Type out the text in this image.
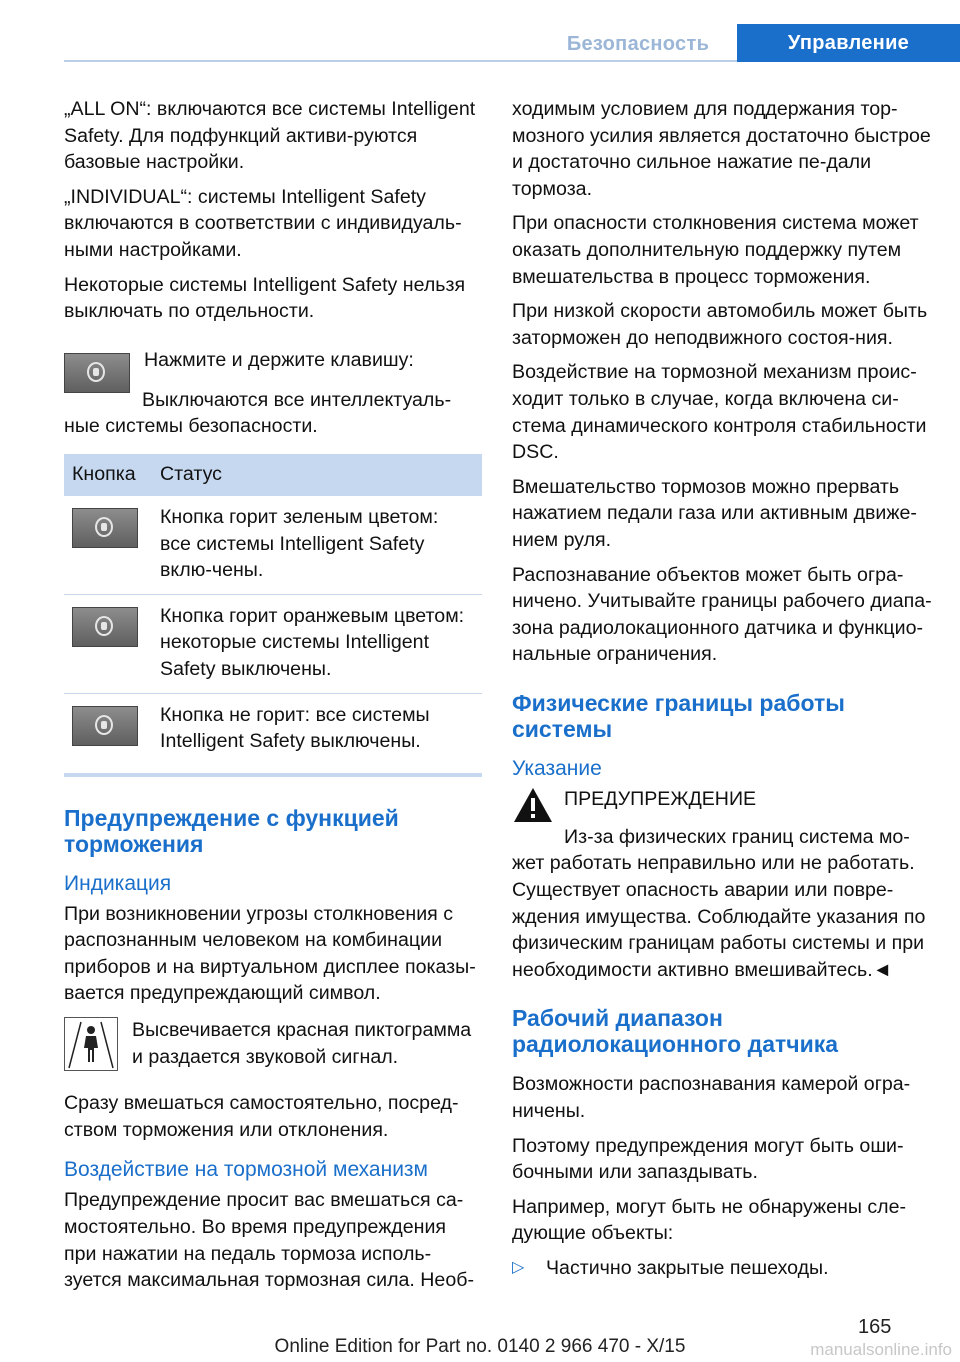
Безопасность	Управление

„ALL ON“: включаются все системы Intelligent Safety. Для подфункций активи-руются базовые настройки.

„INDIVIDUAL“: системы Intelligent Safety включаются в соответствии с индивидуаль-ными настройками.

Некоторые системы Intelligent Safety нельзя выключать по отдельности.

Нажмите и держите клавишу:

Выключаются все интеллектуаль-ные системы безопасности.

Кнопка	Статус

	Кнопка горит зеленым цветом: все системы Intelligent Safety вклю-чены.

	Кнопка горит оранжевым цветом: некоторые системы Intelligent Safety выключены.

	Кнопка не горит: все системы Intelligent Safety выключены.
Предупреждение с функцией торможения
Индикация

При возникновении угрозы столкновения с распознанным человеком на комбинации приборов и на виртуальном дисплее показы-вается предупреждающий символ.

Высвечивается красная пиктограмма и раздается звуковой сигнал.

Сразу вмешаться самостоятельно, посред-ством торможения или отклонения.

Воздействие на тормозной механизм

Предупреждение просит вас вмешаться са-мостоятельно. Во время предупреждения при нажатии на педаль тормоза исполь-зуется максимальная тормозная сила. Необ-

ходимым условием для поддержания тор-мозного усилия является достаточно быстрое и достаточно сильное нажатие пе-дали тормоза.

При опасности столкновения система может оказать дополнительную поддержку путем вмешательства в процесс торможения.

При низкой скорости автомобиль может быть заторможен до неподвижного состоя-ния.

Воздействие на тормозной механизм проис-ходит только в случае, когда включена си-стема динамического контроля стабильности DSC.

Вмешательство тормозов можно прервать нажатием педали газа или активным движе-нием руля.

Распознавание объектов может быть огра-ничено. Учитывайте границы рабочего диапа-зона радиолокационного датчика и функцио-нальные ограничения.

Физические границы работы системы
Указание

ПРЕДУПРЕЖДЕНИЕ

Из-за физических границ система мо-жет работать неправильно или не работать. Существует опасность аварии или повре-ждения имущества. Соблюдайте указания по физическим границам работы системы и при необходимости активно вмешивайтесь.◄

Рабочий диапазон радиолокационного датчика

Возможности распознавания камерой огра-ничены.

Поэтому предупреждения могут быть оши-бочными или запаздывать.

Например, могут быть не обнаружены сле-дующие объекты:

▷	Частично закрытые пешеходы.

165
Online Edition for Part no. 0140 2 966 470 - X/15	manualsonline.info
